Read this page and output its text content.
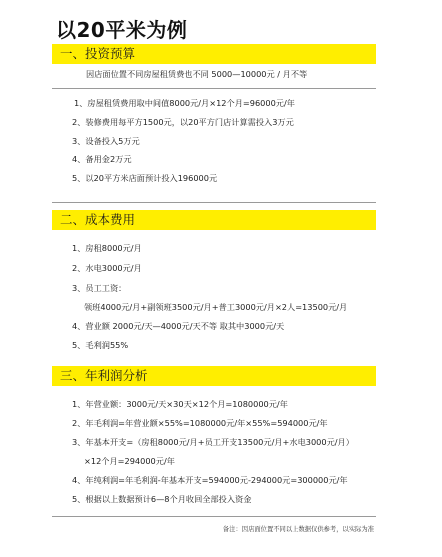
以20平米为例
一、投资预算
因店面位置不同房屋租赁费也不同 5000—10000元 / 月不等
1、房屋租赁费用取中间值8000元/月×12个月=96000元/年
2、装修费用每平方1500元，以20平方门店计算需投入3万元
3、设备投入5万元
4、备用金2万元
5、以20平方米店面预计投入196000元
二、成本费用
1、房租8000元/月
2、水电3000元/月
3、员工工资：
领班4000元/月+副领班3500元/月+普工3000元/月×2人=13500元/月
4、营业额 2000元/天—4000元/天不等 取其中3000元/天
5、毛利润55%
三、年利润分析
1、年营业额：3000元/天×30天×12个月=1080000元/年
2、年毛利润=年营业额×55%=1080000元/年×55%=594000元/年
3、年基本开支=（房租8000元/月+员工开支13500元/月+水电3000元/月）
×12个月=294000元/年
4、年纯利润=年毛利润-年基本开支=594000元-294000元=300000元/年
5、根据以上数据预计6—8个月收回全部投入资金
备注：因店面位置不同以上数据仅供参考，以实际为准
